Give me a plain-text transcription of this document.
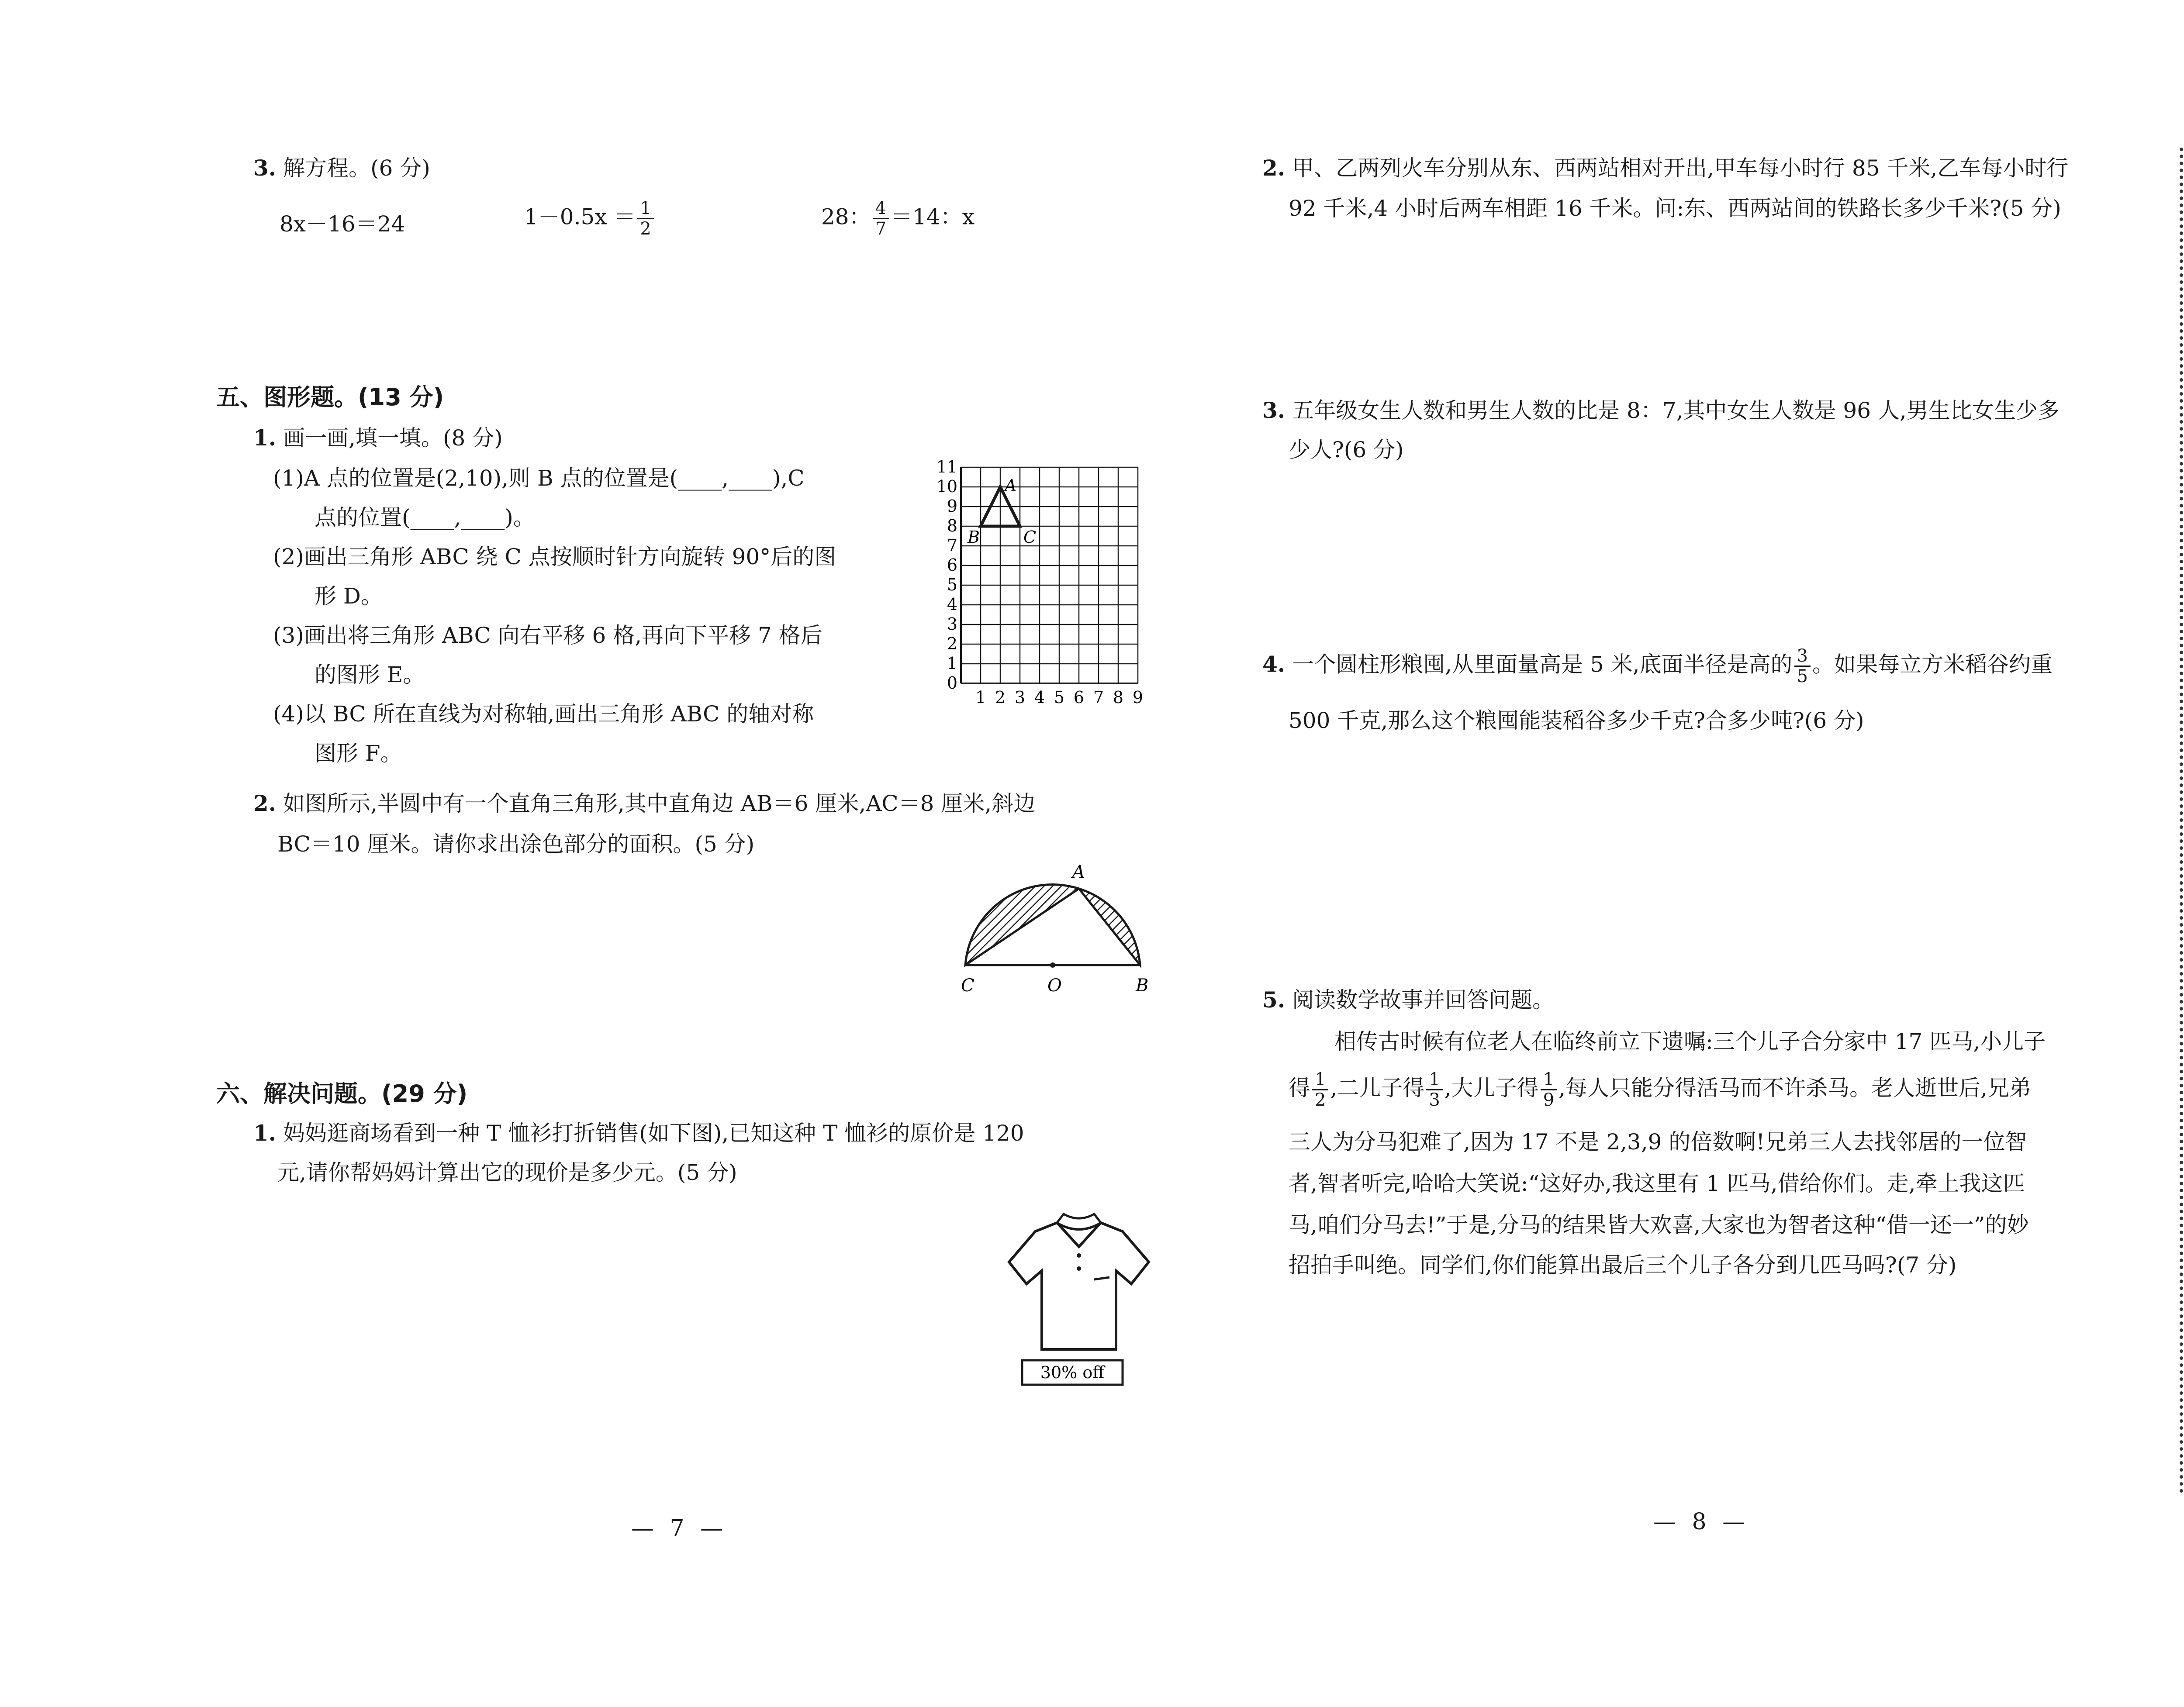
3. 解方程。(6 分)
8x－16＝24	$1-0.5x = \frac{1}{2}$	28： $\frac{4}{7} =14$：x
五、图形题。(13 分)
1. 画一画,填一填。(8 分)
(1)A 点的位置是(2,10),则 B 点的位置是(____,____),C
点的位置(____,____)。
(2)画出三角形 ABC 绕 C 点按顺时针方向旋转 90°后的图
形 D。
(3)画出将三角形 ABC 向右平移 6 格,再向下平移 7 格后
的图形 E。
(4)以 BC 所在直线为对称轴,画出三角形 ABC 的轴对称
图形 F。
0
1
2
3
4
5
6
7
8
9
10
11
1 2 3 4 5 6 7 8 9
A
B	C
2. 如图所示,半圆中有一个直角三角形,其中直角边 AB＝6 厘米,AC＝8 厘米,斜边
BC＝10 厘米。请你求出涂色部分的面积。(5 分)
A
C	O	B
六、解决问题。(29 分)
1. 妈妈逛商场看到一种 T 恤衫打折销售(如下图),已知这种 T 恤衫的原价是 120
元,请你帮妈妈计算出它的现价是多少元。(5 分)
30% off
— 7 —
2. 甲、乙两列火车分别从东、西两站相对开出,甲车每小时行 85 千米,乙车每小时行
92 千米,4 小时后两车相距 16 千米。问:东、西两站间的铁路长多少千米?(5 分)
3. 五年级女生人数和男生人数的比是 8：7,其中女生人数是 96 人,男生比女生少多
少人?(6 分)
4. 一个圆柱形粮囤,从里面量高是 5 米,底面半径是高的 $\frac{3}{5}$ 。如果每立方米稻谷约重
500 千克,那么这个粮囤能装稻谷多少千克?合多少吨?(6 分)
5. 阅读数学故事并回答问题。
相传古时候有位老人在临终前立下遗嘱:三个儿子合分家中 17 匹马,小儿子
得 $\frac{1}{2}$ ,二儿子得 $\frac{1}{3}$ ,大儿子得 $\frac{1}{9}$ ,每人只能分得活马而不许杀马。老人逝世后,兄弟
三人为分马犯难了,因为 17 不是 2,3,9 的倍数啊!兄弟三人去找邻居的一位智
者,智者听完,哈哈大笑说:“这好办,我这里有 1 匹马,借给你们。走,牵上我这匹
马,咱们分马去!”于是,分马的结果皆大欢喜,大家也为智者这种“借一还一”的妙
招拍手叫绝。同学们,你们能算出最后三个儿子各分到几匹马吗?(7 分)
— 8 —
